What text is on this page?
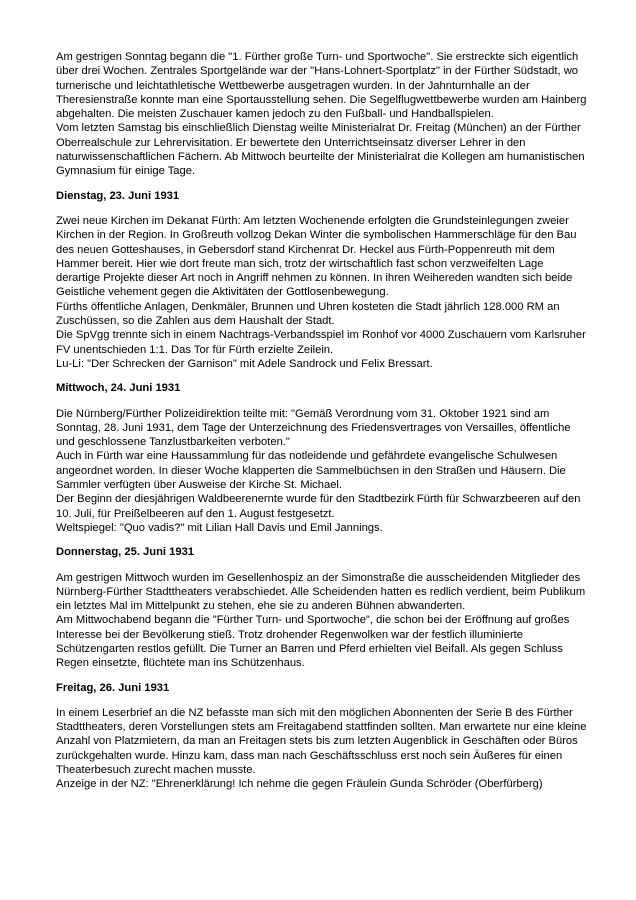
Am gestrigen Sonntag begann die "1. Fürther große Turn- und Sportwoche". Sie erstreckte sich eigentlich über drei Wochen. Zentrales Sportgelände war der "Hans-Lohnert-Sportplatz" in der Fürther Südstadt, wo turnerische und leichtathletische Wettbewerbe ausgetragen wurden. In der Jahnturnhalle an der Theresienstraße konnte man eine Sportausstellung sehen. Die Segelflugwettbewerbe wurden am Hainberg abgehalten. Die meisten Zuschauer kamen jedoch zu den Fußball- und Handballspielen.

Vom letzten Samstag bis einschließlich Dienstag weilte Ministerialrat Dr. Freitag (München) an der Fürther Oberrealschule zur Lehrervisitation. Er bewertete den Unterrichtseinsatz diverser Lehrer in den naturwissenschaftlichen Fächern. Ab Mittwoch beurteilte der Ministerialrat die Kollegen am humanistischen Gymnasium für einige Tage.

Dienstag, 23. Juni 1931

Zwei neue Kirchen im Dekanat Fürth: Am letzten Wochenende erfolgten die Grundsteinlegungen zweier Kirchen in der Region. In Großreuth vollzog Dekan Winter die symbolischen Hammerschläge für den Bau des neuen Gotteshauses, in Gebersdorf stand Kirchenrat Dr. Heckel aus Fürth-Poppenreuth mit dem Hammer bereit. Hier wie dort freute man sich, trotz der wirtschaftlich fast schon verzweifelten Lage derartige Projekte dieser Art noch in Angriff nehmen zu können. In ihren Weihereden wandten sich beide Geistliche vehement gegen die Aktivitäten der Gottlosenbewegung.

Fürths öffentliche Anlagen, Denkmäler, Brunnen und Uhren kosteten die Stadt jährlich 128.000 RM an Zuschüssen, so die Zahlen aus dem Haushalt der Stadt.

Die SpVgg trennte sich in einem Nachtrags-Verbandsspiel im Ronhof vor 4000 Zuschauern vom Karlsruher FV unentschieden 1:1. Das Tor für Fürth erzielte Zeilein.

Lu-Li: "Der Schrecken der Garnison" mit Adele Sandrock und Felix Bressart.

Mittwoch, 24. Juni 1931

Die Nürnberg/Fürther Polizeidirektion teilte mit: "Gemäß Verordnung vom 31. Oktober 1921 sind am Sonntag, 28. Juni 1931, dem Tage der Unterzeichnung des Friedensvertrages von Versailles, öffentliche und geschlossene Tanzlustbarkeiten verboten."

Auch in Fürth war eine Haussammlung für das notleidende und gefährdete evangelische Schulwesen angeordnet worden. In dieser Woche klapperten die Sammelbüchsen in den Straßen und Häusern. Die Sammler verfügten über Ausweise der Kirche St. Michael.

Der Beginn der diesjährigen Waldbeerenernte wurde für den Stadtbezirk Fürth für Schwarzbeeren auf den 10. Juli, für Preißelbeeren auf den 1. August festgesetzt.

Weltspiegel: "Quo vadis?" mit Lilian Hall Davis und Emil Jannings.

Donnerstag, 25. Juni 1931

Am gestrigen Mittwoch wurden im Gesellenhospiz an der Simonstraße die ausscheidenden Mitglieder des Nürnberg-Fürther Stadttheaters verabschiedet. Alle Scheidenden hatten es redlich verdient, beim Publikum ein letztes Mal im Mittelpunkt zu stehen, ehe sie zu anderen Bühnen abwanderten.

Am Mittwochabend begann die "Fürther Turn- und Sportwoche", die schon bei der Eröffnung auf großes Interesse bei der Bevölkerung stieß. Trotz drohender Regenwolken war der festlich illuminierte Schützengarten restlos gefüllt. Die Turner an Barren und Pferd erhielten viel Beifall. Als gegen Schluss Regen einsetzte, flüchtete man ins Schützenhaus.

Freitag, 26. Juni 1931

In einem Leserbrief an die NZ befasste man sich mit den möglichen Abonnenten der Serie B des Fürther Stadttheaters, deren Vorstellungen stets am Freitagabend stattfinden sollten. Man erwartete nur eine kleine Anzahl von Platzmietern, da man an Freitagen stets bis zum letzten Augenblick in Geschäften oder Büros zurückgehalten wurde. Hinzu kam, dass man nach Geschäftsschluss erst noch sein Äußeres für einen Theaterbesuch zurecht machen musste.

Anzeige in der NZ: "Ehrenerklärung! Ich nehme die gegen Fräulein Gunda Schröder (Oberfürberg)
